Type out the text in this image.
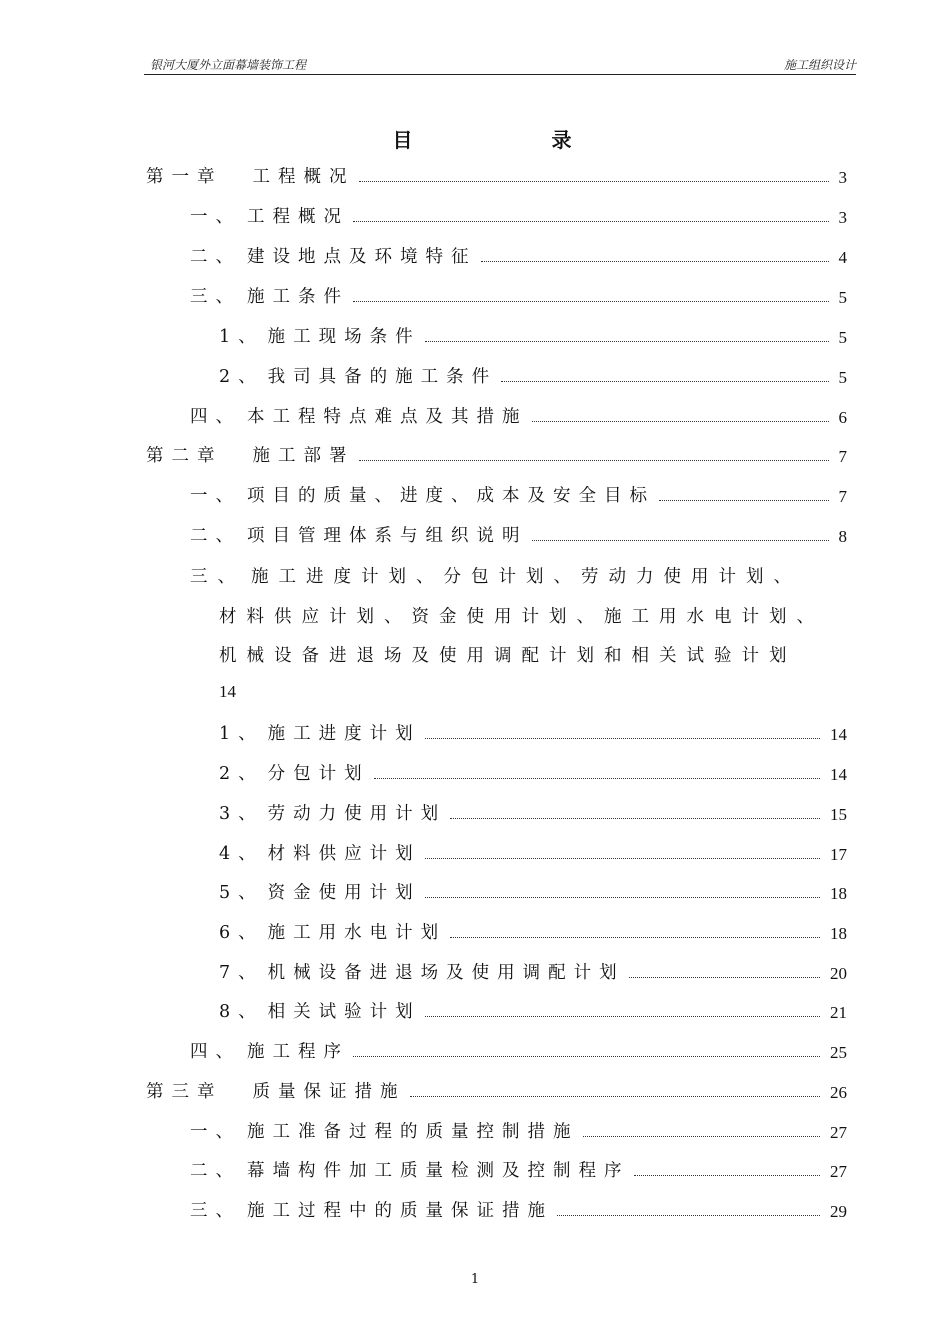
银河大厦外立面幕墙装饰工程	施工组织设计
目 录
第一章 工程概况	3
一、 工程概况	3
二、 建设地点及环境特征	4
三、 施工条件	5
1、 施工现场条件	5
2、 我司具备的施工条件	5
四、 本工程特点难点及其措施	6
第二章 施工部署	7
一、 项目的质量、进度、成本及安全目标	7
二、 项目管理体系与组织说明	8
三、 施工进度计划、分包计划、劳动力使用计划、
材料供应计划、资金使用计划、施工用水电计划、
机械设备进退场及使用调配计划和相关试验计划
14
1、 施工进度计划	14
2、 分包计划	14
3、 劳动力使用计划	15
4、 材料供应计划	17
5、 资金使用计划	18
6、 施工用水电计划	18
7、 机械设备进退场及使用调配计划	20
8、 相关试验计划	21
四、 施工程序	25
第三章 质量保证措施	26
一、 施工准备过程的质量控制措施	27
二、 幕墙构件加工质量检测及控制程序	27
三、 施工过程中的质量保证措施	29
1
